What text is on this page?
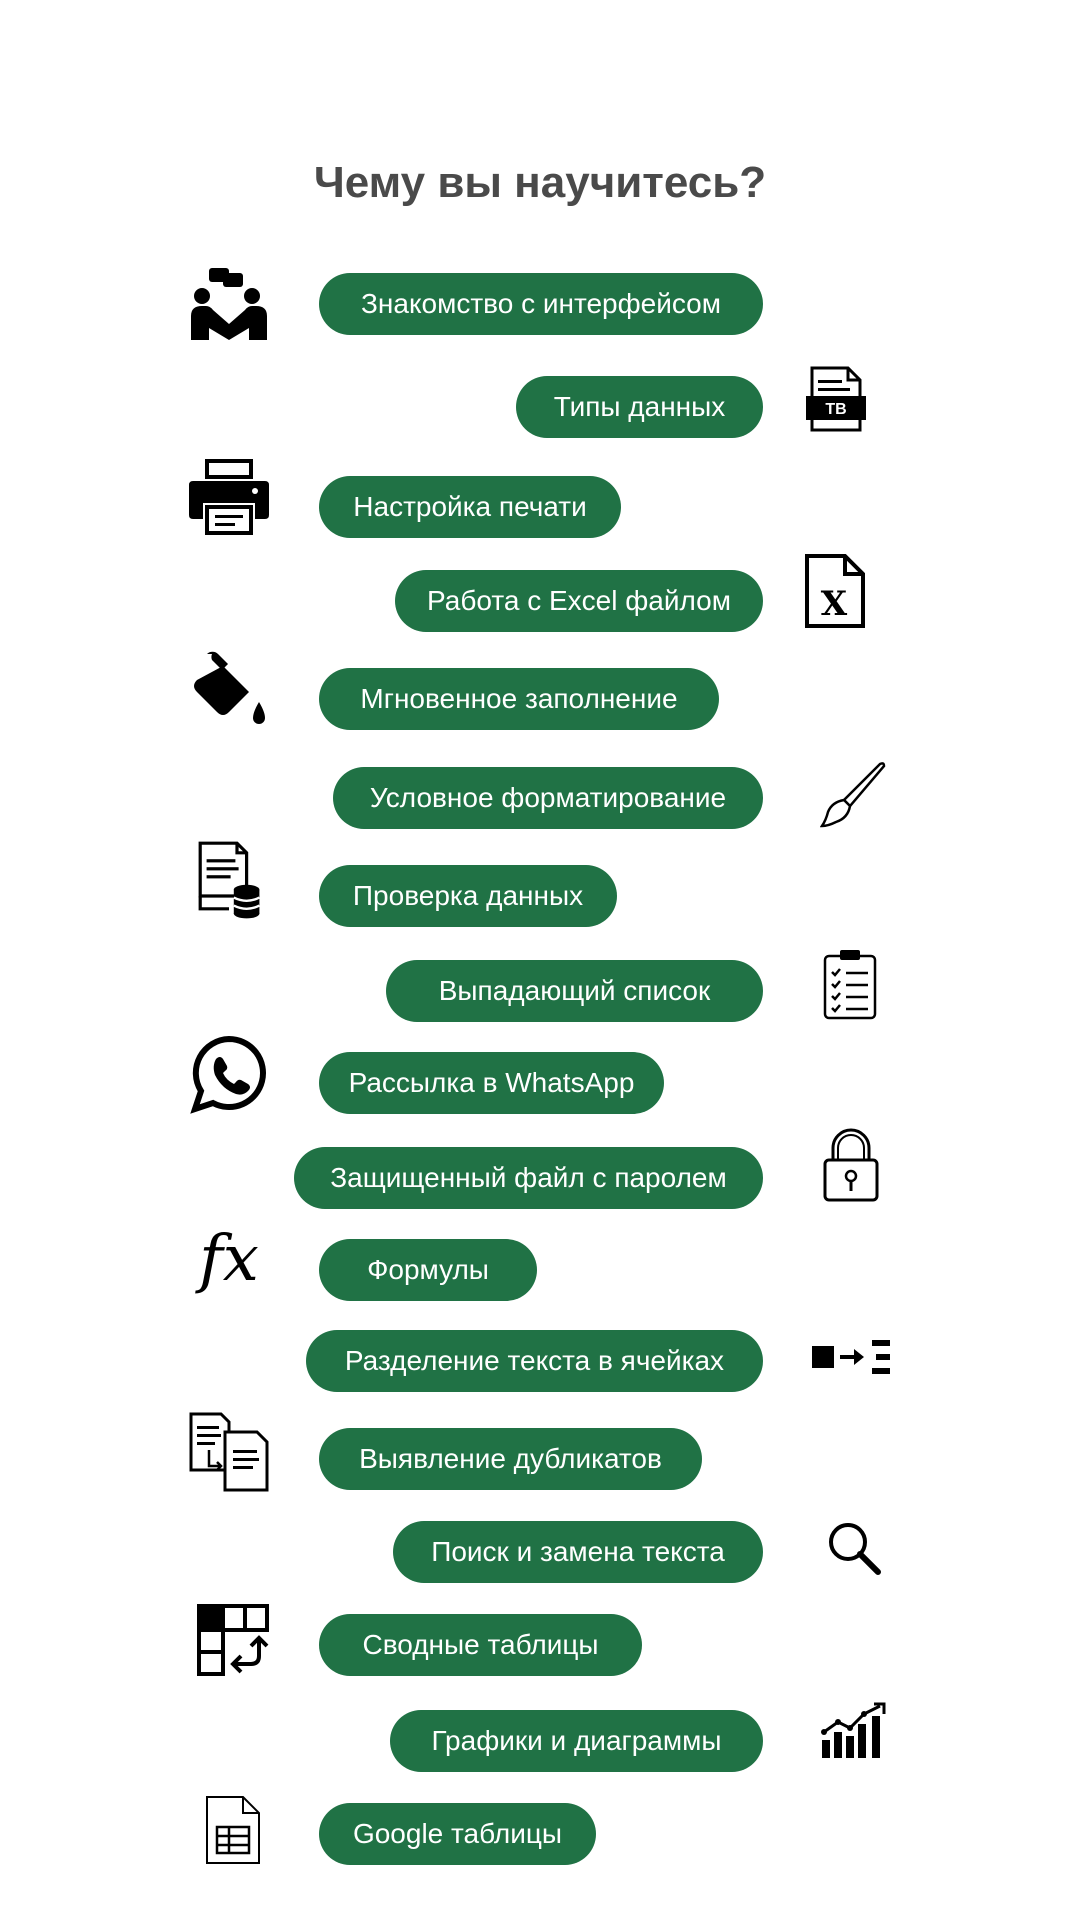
Чему вы научитесь?
Знакомство с интерфейсом
Типы данных
Настройка печати
Работа с Excel файлом
Мгновенное заполнение
Условное форматирование
Проверка данных
Выпадающий список
Рассылка в WhatsApp
Защищенный файл с паролем
Формулы
Разделение текста в ячейках
Выявление дубликатов
Поиск и замена текста
Сводные таблицы
Графики и диаграммы
Google таблицы
fx
TB
X
